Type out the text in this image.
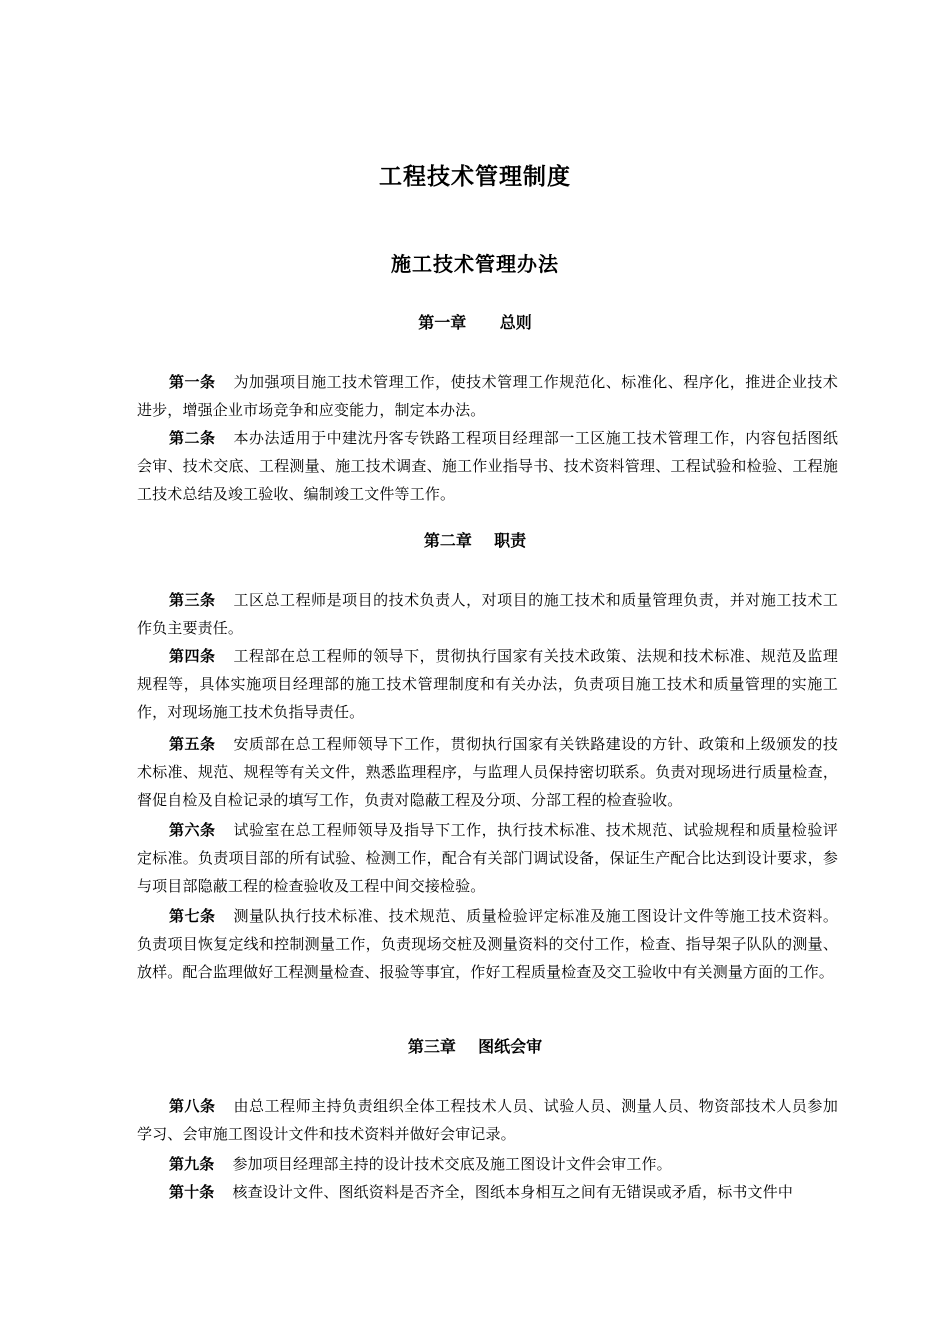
工程技术管理制度
施工技术管理办法
第一章 总则
第一条 为加强项目施工技术管理工作，使技术管理工作规范化、标准化、程序化，推进企业技术进步，增强企业市场竞争和应变能力，制定本办法。
第二条 本办法适用于中建沈丹客专铁路工程项目经理部一工区施工技术管理工作，内容包括图纸会审、技术交底、工程测量、施工技术调查、施工作业指导书、技术资料管理、工程试验和检验、工程施工技术总结及竣工验收、编制竣工文件等工作。
第二章 职责
第三条 工区总工程师是项目的技术负责人，对项目的施工技术和质量管理负责，并对施工技术工作负主要责任。
第四条 工程部在总工程师的领导下，贯彻执行国家有关技术政策、法规和技术标准、规范及监理规程等，具体实施项目经理部的施工技术管理制度和有关办法，负责项目施工技术和质量管理的实施工作，对现场施工技术负指导责任。
第五条 安质部在总工程师领导下工作，贯彻执行国家有关铁路建设的方针、政策和上级颁发的技术标准、规范、规程等有关文件，熟悉监理程序，与监理人员保持密切联系。负责对现场进行质量检查，督促自检及自检记录的填写工作，负责对隐蔽工程及分项、分部工程的检查验收。
第六条 试验室在总工程师领导及指导下工作，执行技术标准、技术规范、试验规程和质量检验评定标准。负责项目部的所有试验、检测工作，配合有关部门调试设备，保证生产配合比达到设计要求，参与项目部隐蔽工程的检查验收及工程中间交接检验。
第七条 测量队执行技术标准、技术规范、质量检验评定标准及施工图设计文件等施工技术资料。负责项目恢复定线和控制测量工作，负责现场交桩及测量资料的交付工作，检查、指导架子队队的测量、放样。配合监理做好工程测量检查、报验等事宜，作好工程质量检查及交工验收中有关测量方面的工作。
第三章 图纸会审
第八条 由总工程师主持负责组织全体工程技术人员、试验人员、测量人员、物资部技术人员参加学习、会审施工图设计文件和技术资料并做好会审记录。
第九条 参加项目经理部主持的设计技术交底及施工图设计文件会审工作。
第十条 核查设计文件、图纸资料是否齐全，图纸本身相互之间有无错误或矛盾，标书文件中
